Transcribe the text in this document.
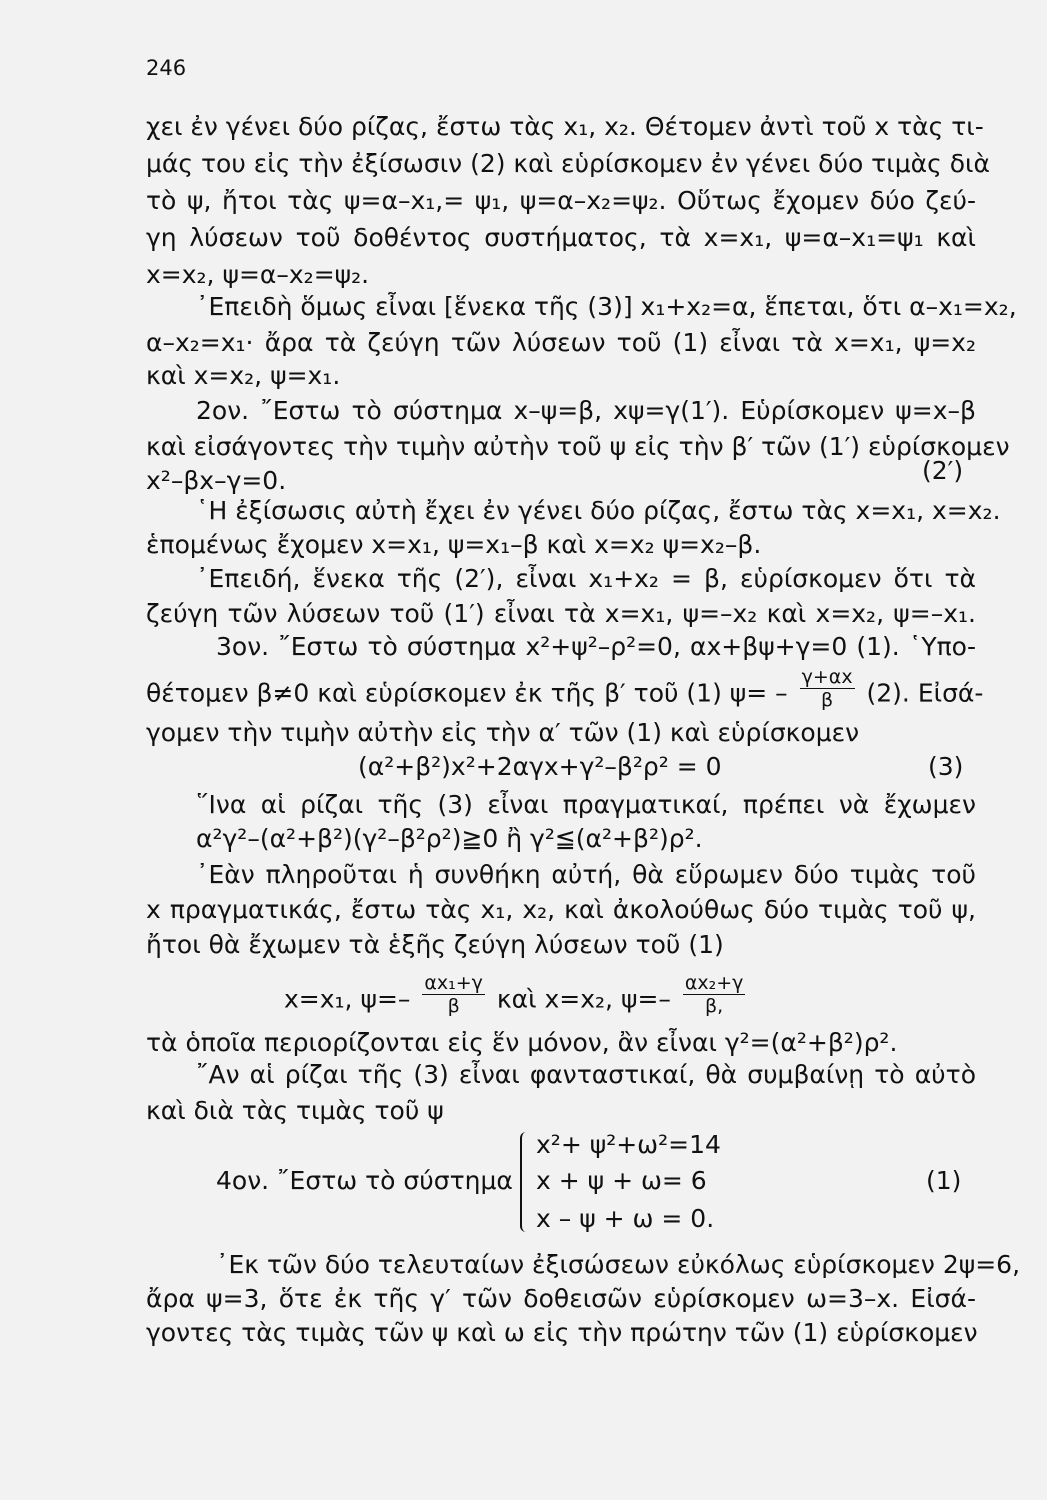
246
χει ἐν γένει δύο ρίζας, ἔστω τὰς x₁, x₂. Θέτομεν ἀντὶ τοῦ x τὰς τι-
μάς του εἰς τὴν ἐξίσωσιν (2) καὶ εὑρίσκομεν ἐν γένει δύο τιμὰς διὰ
τὸ ψ, ἤτοι τὰς ψ=α–x₁,= ψ₁, ψ=α–x₂=ψ₂. Οὕτως ἔχομεν δύο ζεύ-
γη λύσεων τοῦ δοθέντος συστήματος, τὰ x=x₁, ψ=α–x₁=ψ₁ καὶ
x=x₂, ψ=α–x₂=ψ₂.
᾿Επειδὴ ὅμως εἶναι [ἕνεκα τῆς (3)] x₁+x₂=α, ἕπεται, ὅτι α–x₁=x₂,
α–x₂=x₁· ἄρα τὰ ζεύγη τῶν λύσεων τοῦ (1) εἶναι τὰ x=x₁, ψ=x₂
καὶ x=x₂, ψ=x₁.
2ον. ῎Εστω τὸ σύστημα x–ψ=β, xψ=γ(1′). Εὑρίσκομεν ψ=x–β
καὶ εἰσάγοντες τὴν τιμὴν αὐτὴν τοῦ ψ εἰς τὴν β′ τῶν (1′) εὑρίσκομεν
x²–βx–γ=0.	(2′)
῾Η ἐξίσωσις αὐτὴ ἔχει ἐν γένει δύο ρίζας, ἔστω τὰς x=x₁, x=x₂.
ἑπομένως ἔχομεν x=x₁, ψ=x₁–β καὶ x=x₂ ψ=x₂–β.
᾿Επειδή, ἕνεκα τῆς (2′), εἶναι x₁+x₂ = β, εὑρίσκομεν ὅτι τὰ
ζεύγη τῶν λύσεων τοῦ (1′) εἶναι τὰ x=x₁, ψ=–x₂ καὶ x=x₂, ψ=–x₁.
3ον. ῎Εστω τὸ σύστημα x²+ψ²–ρ²=0, αx+βψ+γ=0 (1). ῾Υπο-
θέτομεν β≠0 καὶ εὑρίσκομεν ἐκ τῆς β′ τοῦ (1) $\psi= - \frac{\gamma+\alpha x}{\beta} (2)$. Εἰσά-
γομεν τὴν τιμὴν αὐτὴν εἰς τὴν α′ τῶν (1) καὶ εὑρίσκομεν
(α²+β²)x²+2αγx+γ²–β²ρ² = 0	(3)
῞Ινα αἱ ρίζαι τῆς (3) εἶναι πραγματικαί, πρέπει νὰ ἔχωμεν
α²γ²–(α²+β²)(γ²–β²ρ²)≧0 ἢ γ²≦(α²+β²)ρ².
᾿Εὰν πληροῦται ἡ συνθήκη αὐτή, θὰ εὕρωμεν δύο τιμὰς τοῦ
x πραγματικάς, ἔστω τὰς x₁, x₂, καὶ ἀκολούθως δύο τιμὰς τοῦ ψ,
ἤτοι θὰ ἔχωμεν τὰ ἑξῆς ζεύγη λύσεων τοῦ (1)
x=x₁, $\psi=- \frac{\text{αx₁+γ}}{\beta}$ καὶ x=x₂, $\psi=- \frac{\text{αx₂+γ}}{\beta,}$
τὰ ὁποῖα περιορίζονται εἰς ἕν μόνον, ἂν εἶναι γ²=(α²+β²)ρ².
῎Αν αἱ ρίζαι τῆς (3) εἶναι φανταστικαί, θὰ συμβαίνῃ τὸ αὐτὸ
καὶ διὰ τὰς τιμὰς τοῦ ψ
4ον. ῎Εστω τὸ σύστημα
x²+ ψ²+ω²=14
x + ψ + ω= 6
x – ψ + ω = 0.
(1)
᾿Εκ τῶν δύο τελευταίων ἐξισώσεων εὐκόλως εὑρίσκομεν 2ψ=6,
ἄρα ψ=3, ὅτε ἐκ τῆς γ′ τῶν δοθεισῶν εὑρίσκομεν ω=3–x. Εἰσά-
γοντες τὰς τιμὰς τῶν ψ καὶ ω εἰς τὴν πρώτην τῶν (1) εὑρίσκομεν
